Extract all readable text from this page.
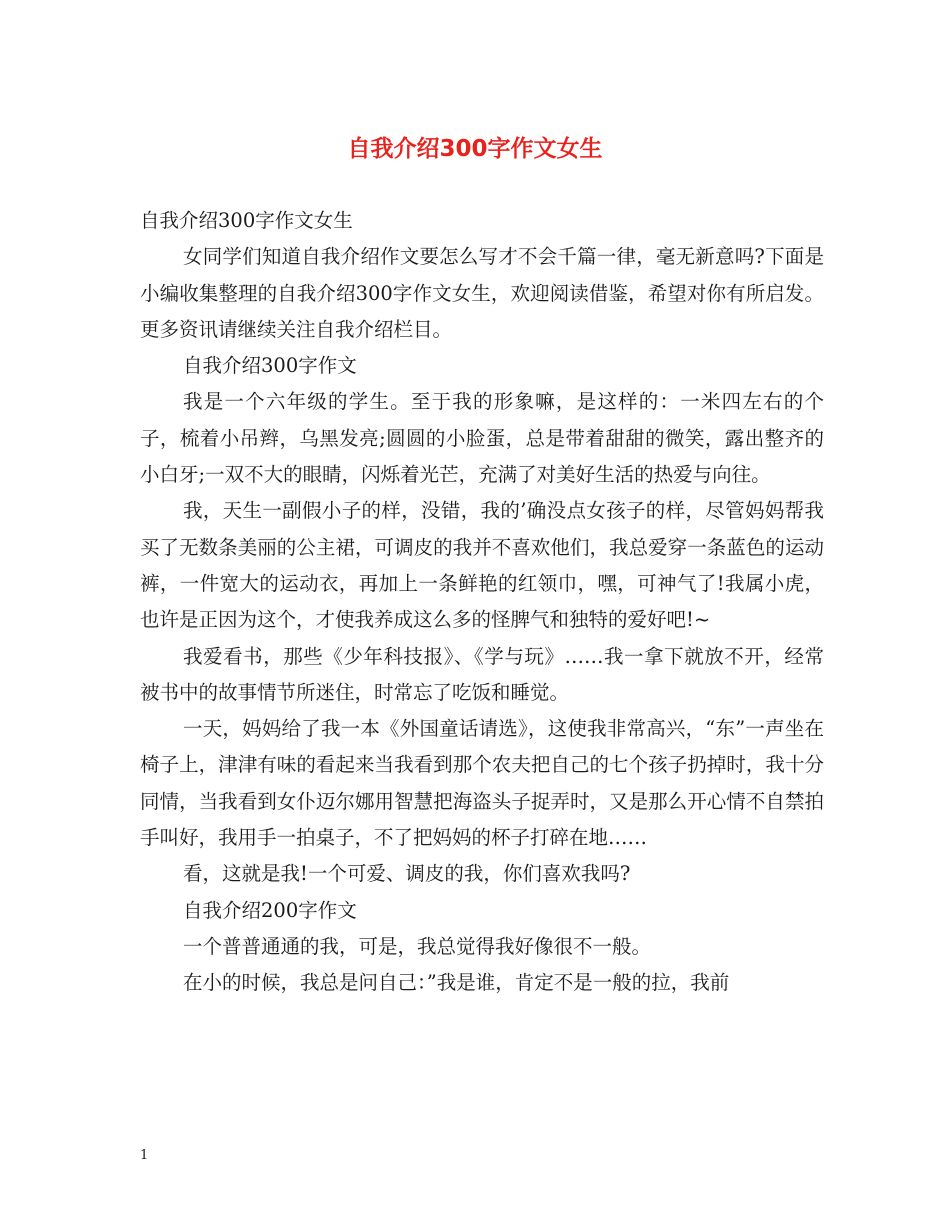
自我介绍300字作文女生

自我介绍300字作文女生

女同学们知道自我介绍作文要怎么写才不会千篇一律，毫无新意吗?下面是小编收集整理的自我介绍300字作文女生，欢迎阅读借鉴，希望对你有所启发。更多资讯请继续关注自我介绍栏目。

自我介绍300字作文

我是一个六年级的学生。至于我的形象嘛，是这样的：一米四左右的个子，梳着小吊辫，乌黑发亮;圆圆的小脸蛋，总是带着甜甜的微笑，露出整齐的小白牙;一双不大的眼睛，闪烁着光芒，充满了对美好生活的热爱与向往。

我，天生一副假小子的样，没错，我的’确没点女孩子的样，尽管妈妈帮我买了无数条美丽的公主裙，可调皮的我并不喜欢他们，我总爱穿一条蓝色的运动裤，一件宽大的运动衣，再加上一条鲜艳的红领巾，嘿，可神气了!我属小虎，也许是正因为这个，才使我养成这么多的怪脾气和独特的爱好吧!~

我爱看书，那些《少年科技报》、《学与玩》……我一拿下就放不开，经常被书中的故事情节所迷住，时常忘了吃饭和睡觉。

一天，妈妈给了我一本《外国童话请选》，这使我非常高兴，“东”一声坐在椅子上，津津有味的看起来当我看到那个农夫把自己的七个孩子扔掉时，我十分同情，当我看到女仆迈尔娜用智慧把海盗头子捉弄时，又是那么开心情不自禁拍手叫好，我用手一拍桌子，不了把妈妈的杯子打碎在地……

看，这就是我!一个可爱、调皮的我，你们喜欢我吗?

自我介绍200字作文

一个普普通通的我，可是，我总觉得我好像很不一般。

在小的时候，我总是问自己：”我是谁，肯定不是一般的拉，我前

1
